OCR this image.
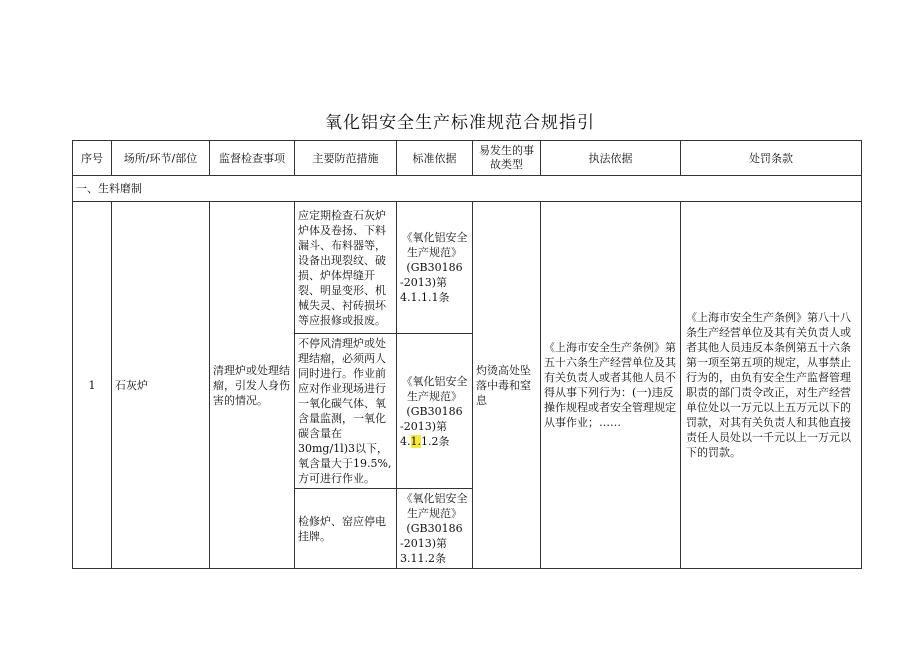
氧化铝安全生产标准规范合规指引
序号	场所/环节/部位	监督检查事项	主要防范措施	标准依据	易发生的事故类型	执法依据	处罚条款
一、生料磨制							
1	石灰炉	清理炉或处理结瘤，引发人身伤害的情况。	应定期检查石灰炉炉体及卷扬、下料漏斗、布料器等，设备出现裂纹、破损、炉体焊缝开裂、明显变形、机械失灵、衬砖损坏等应报修或报废。	《氧化铝安全生产规范》
(GB30186
-2013)第
4.1.1.1条	灼烫高处坠落中毒和窒息	《上海市安全生产条例》第五十六条生产经营单位及其有关负责人或者其他人员不得从事下列行为：(一)违反操作规程或者安全管理规定从事作业；……	《上海市安全生产条例》第八十八条生产经营单位及其有关负责人或者其他人员违反本条例第五十六条第一项至第五项的规定，从事禁止行为的，由负有安全生产监督管理职责的部门责令改正，对生产经营单位处以一万元以上五万元以下的罚款，对其有关负责人和其他直接责任人员处以一千元以上一万元以下的罚款。
			不停风清理炉或处理结瘤，必须两人同时进行。作业前应对作业现场进行一氧化碳气体、氧含量监测，一氧化碳含量在30mg/1l)3以下，氧含量大于19.5%,方可进行作业。	《氧化铝安全生产规范》
(GB30186
-2013)第
4.1.1.2条			

			检修炉、窑应停电挂牌。	《氧化铝安全生产规范》
(GB30186
-2013)第
3.11.2条			
